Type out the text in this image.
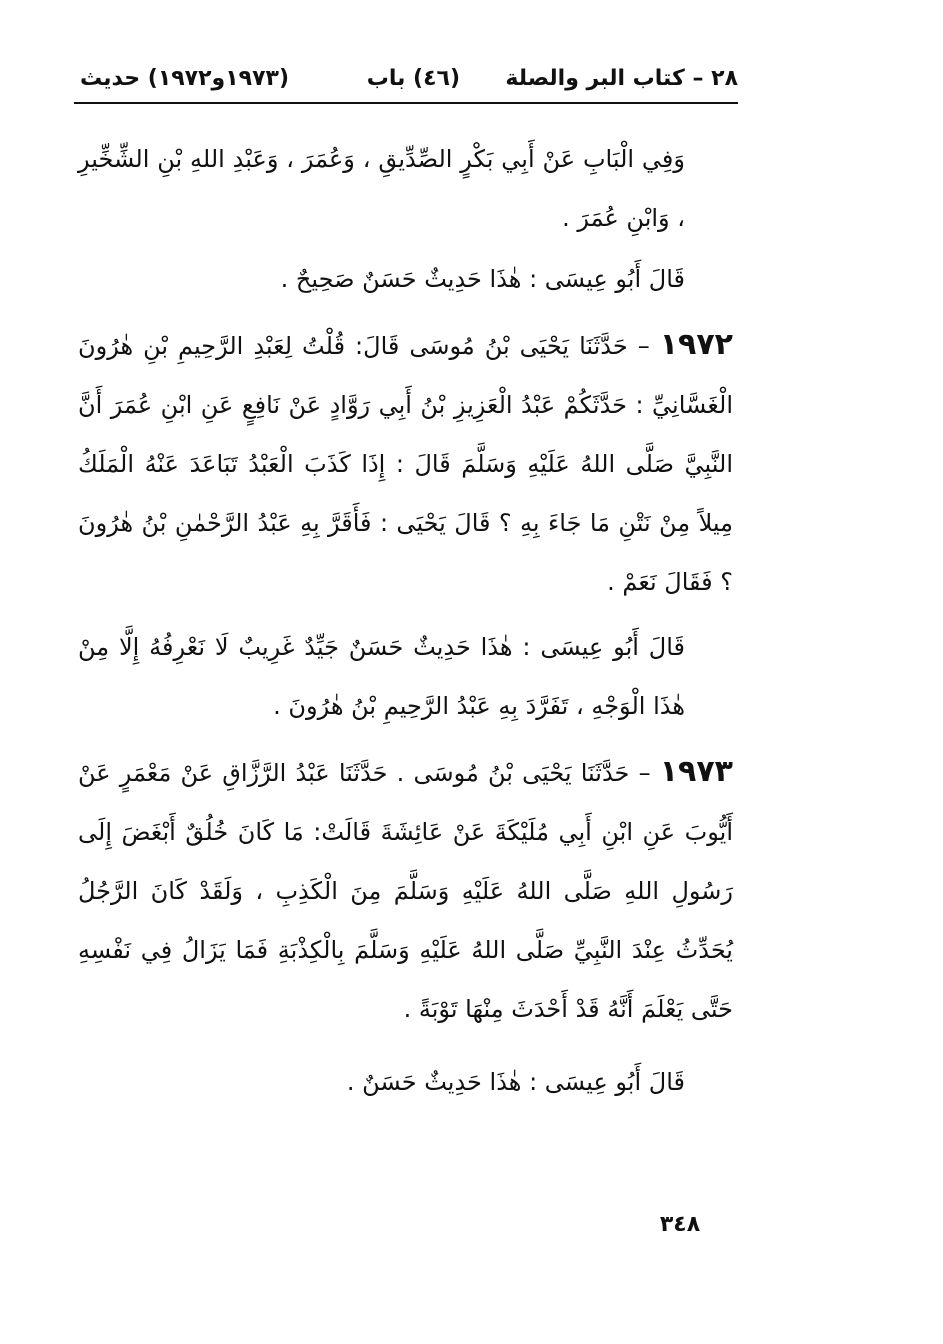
٢٨ – كتاب البر والصلة
(٤٦) باب
(١٩٧٣و١٩٧٢) حديث

وَفِي الْبَابِ عَنْ أَبِي بَكْرٍ الصِّدِّيقِ ، وَعُمَرَ ، وَعَبْدِ اللهِ بْنِ الشِّخِّيرِ ، وَابْنِ عُمَرَ .

قَالَ أَبُو عِيسَى : هٰذَا حَدِيثٌ حَسَنٌ صَحِيحٌ .

١٩٧٢ – حَدَّثَنَا يَحْيَى بْنُ مُوسَى قَالَ: قُلْتُ لِعَبْدِ الرَّحِيمِ بْنِ هٰرُونَ الْغَسَّانِيِّ : حَدَّثَكُمْ عَبْدُ الْعَزِيزِ بْنُ أَبِي رَوَّادٍ عَنْ نَافِعٍ عَنِ ابْنِ عُمَرَ أَنَّ النَّبِيَّ صَلَّى اللهُ عَلَيْهِ وَسَلَّمَ قَالَ : إِذَا كَذَبَ الْعَبْدُ تَبَاعَدَ عَنْهُ الْمَلَكُ مِيلاً مِنْ نَتْنِ مَا جَاءَ بِهِ ؟ قَالَ يَحْيَى : فَأَقَرَّ بِهِ عَبْدُ الرَّحْمٰنِ بْنُ هٰرُونَ ؟ فَقَالَ نَعَمْ .

قَالَ أَبُو عِيسَى : هٰذَا حَدِيثٌ حَسَنٌ جَيِّدٌ غَرِيبٌ لَا نَعْرِفُهُ إِلَّا مِنْ هٰذَا الْوَجْهِ ، تَفَرَّدَ بِهِ عَبْدُ الرَّحِيمِ بْنُ هٰرُونَ .

١٩٧٣ – حَدَّثَنَا يَحْيَى بْنُ مُوسَى . حَدَّثَنَا عَبْدُ الرَّزَّاقِ عَنْ مَعْمَرٍ عَنْ أَيُّوبَ عَنِ ابْنِ أَبِي مُلَيْكَةَ عَنْ عَائِشَةَ قَالَتْ: مَا كَانَ خُلُقٌ أَبْغَضَ إِلَى رَسُولِ اللهِ صَلَّى اللهُ عَلَيْهِ وَسَلَّمَ مِنَ الْكَذِبِ ، وَلَقَدْ كَانَ الرَّجُلُ يُحَدِّثُ عِنْدَ النَّبِيِّ صَلَّى اللهُ عَلَيْهِ وَسَلَّمَ بِالْكِذْبَةِ فَمَا يَزَالُ فِي نَفْسِهِ حَتَّى يَعْلَمَ أَنَّهُ قَدْ أَحْدَثَ مِنْهَا تَوْبَةً .

قَالَ أَبُو عِيسَى : هٰذَا حَدِيثٌ حَسَنٌ .

٣٤٨
